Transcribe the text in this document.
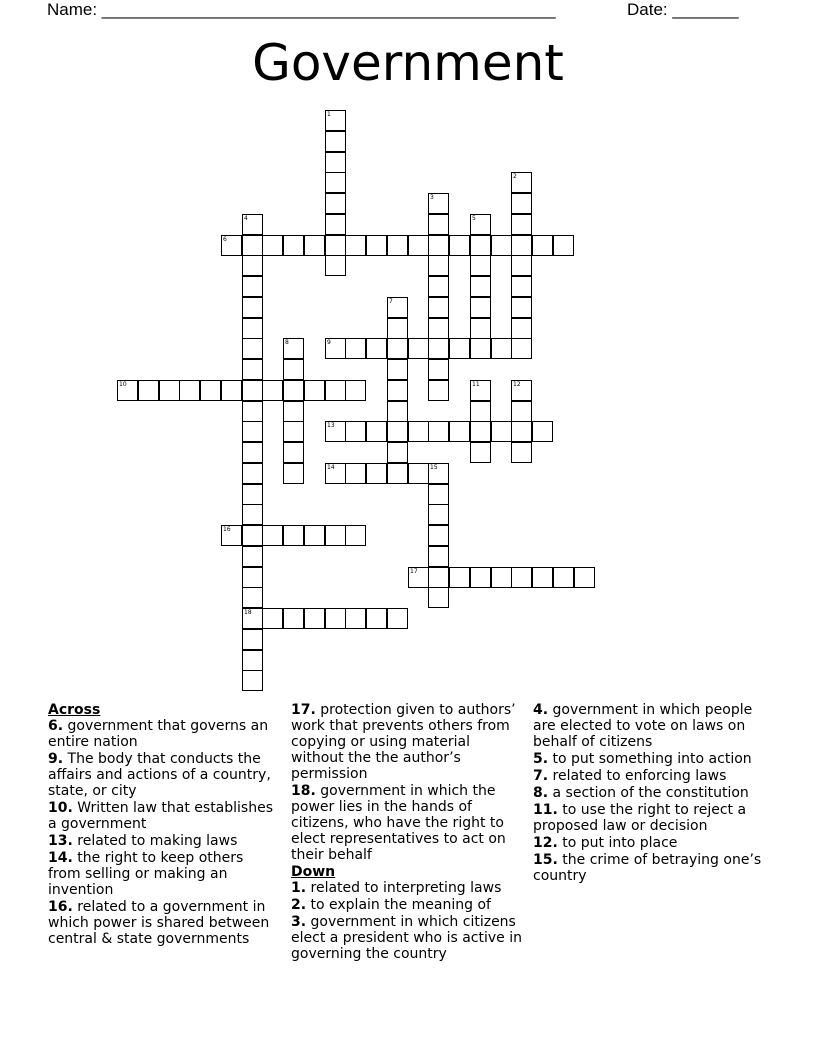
Name: ________________________________________________	Date: _______
Government
1
2
3
4
18
5
6
7
8	9
10	11	12
13
14	15
16
17
Across
6. government that governs an entire nation
9. The body that conducts the affairs and actions of a country, state, or city
10. Written law that establishes a government
13. related to making laws
14. the right to keep others from selling or making an invention
16. related to a government in which power is shared between central & state governments
17. protection given to authors’ work that prevents others from copying or using material without the the author’s permission
18. government in which the power lies in the hands of citizens, who have the right to elect representatives to act on their behalf
Down
1. related to interpreting laws
2. to explain the meaning of
3. government in which citizens elect a president who is active in governing the country
4. government in which people are elected to vote on laws on behalf of citizens
5. to put something into action
7. related to enforcing laws
8. a section of the constitution
11. to use the right to reject a proposed law or decision
12. to put into place
15. the crime of betraying one’s country
